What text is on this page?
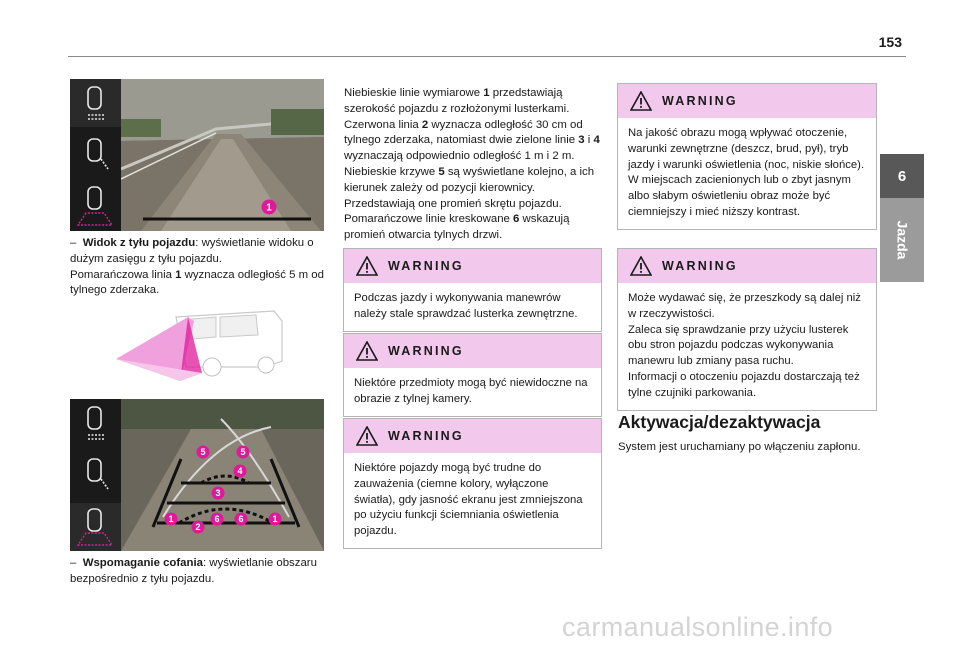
153
6
Jazda
1

– Widok z tyłu pojazdu: wyświetlanie widoku o dużym zasięgu z tyłu pojazdu.

Pomarańczowa linia 1 wyznacza odległość 5 m od tylnego zderzaka.

5	5
4
3
1
2
6 6	1

– Wspomaganie cofania: wyświetlanie obszaru bezpośrednio z tyłu pojazdu.

Niebieskie linie wymiarowe 1 przedstawiają szerokość pojazdu z rozłożonymi lusterkami.

Czerwona linia 2 wyznacza odległość 30 cm od tylnego zderzaka, natomiast dwie zielone linie 3 i 4 wyznaczają odpowiednio odległość 1 m i 2 m.

Niebieskie krzywe 5 są wyświetlane kolejno, a ich kierunek zależy od pozycji kierownicy. Przedstawiają one promień skrętu pojazdu.

Pomarańczowe linie kreskowane 6 wskazują promień otwarcia tylnych drzwi.

WARNING
Podczas jazdy i wykonywania manewrów należy stale sprawdzać lusterka zewnętrzne.
WARNING
Niektóre przedmioty mogą być niewidoczne na obrazie z tylnej kamery.
WARNING
Niektóre pojazdy mogą być trudne do zauważenia (ciemne kolory, wyłączone światła), gdy jasność ekranu jest zmniejszona po użyciu funkcji ściemniania oświetlenia pojazdu.
WARNING
Na jakość obrazu mogą wpływać otoczenie, warunki zewnętrzne (deszcz, brud, pył), tryb jazdy i warunki oświetlenia (noc, niskie słońce).
W miejscach zacienionych lub o zbyt jasnym albo słabym oświetleniu obraz może być ciemniejszy i mieć niższy kontrast.
WARNING
Może wydawać się, że przeszkody są dalej niż w rzeczywistości.
Zaleca się sprawdzanie przy użyciu lusterek obu stron pojazdu podczas wykonywania manewru lub zmiany pasa ruchu.
Informacji o otoczeniu pojazdu dostarczają też tylne czujniki parkowania.
Aktywacja/dezaktywacja
System jest uruchamiany po włączeniu zapłonu.
carmanualsonline.info
